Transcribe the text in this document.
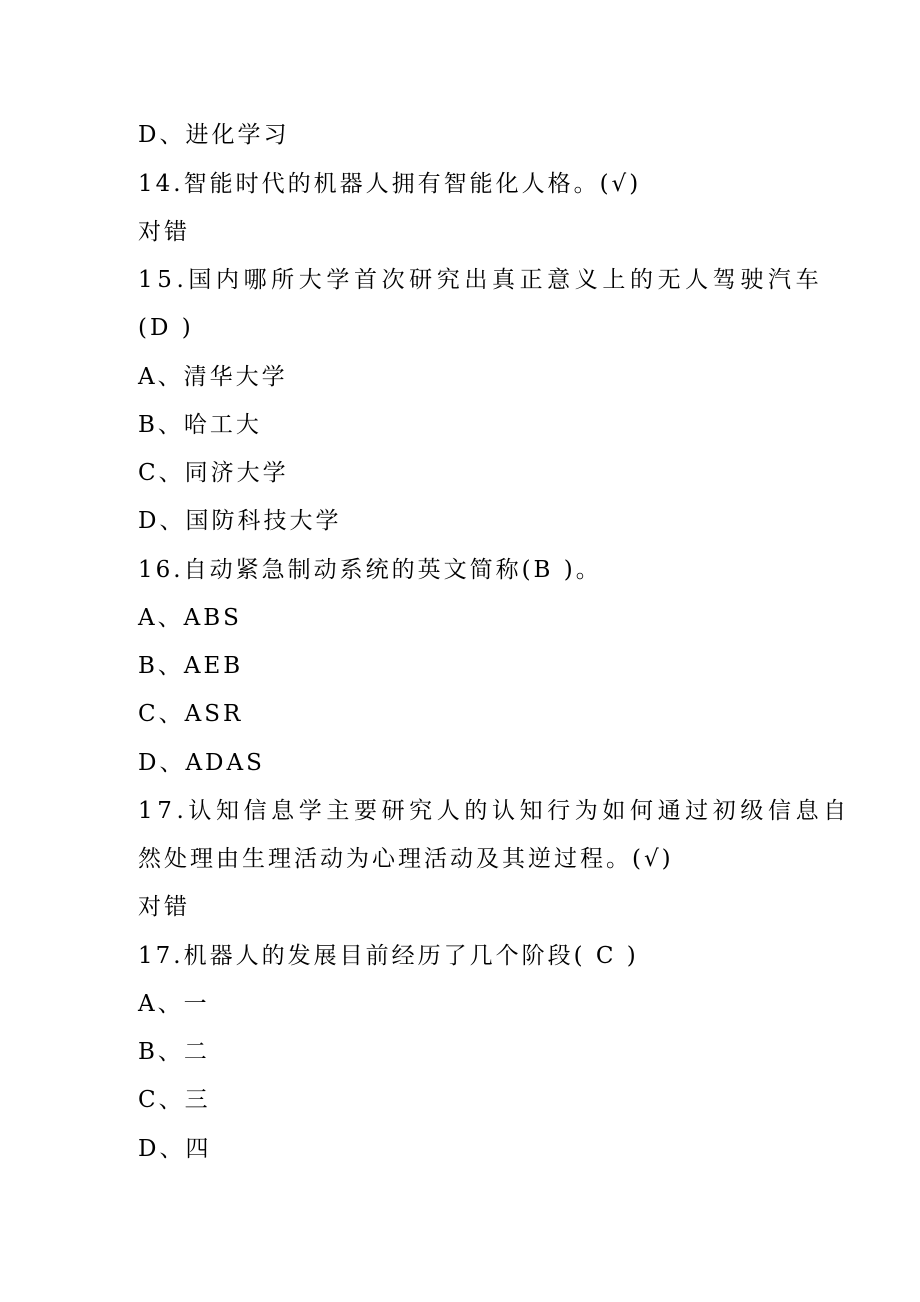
D、进化学习

14.智能时代的机器人拥有智能化人格。(√)

对错

15.国内哪所大学首次研究出真正意义上的无人驾驶汽车

(D )

A、清华大学

B、哈工大

C、同济大学

D、国防科技大学

16.自动紧急制动系统的英文简称(B )。

A、ABS

B、AEB

C、ASR

D、ADAS

17.认知信息学主要研究人的认知行为如何通过初级信息自

然处理由生理活动为心理活动及其逆过程。(√)

对错

17.机器人的发展目前经历了几个阶段( C )

A、一

B、二

C、三

D、四
